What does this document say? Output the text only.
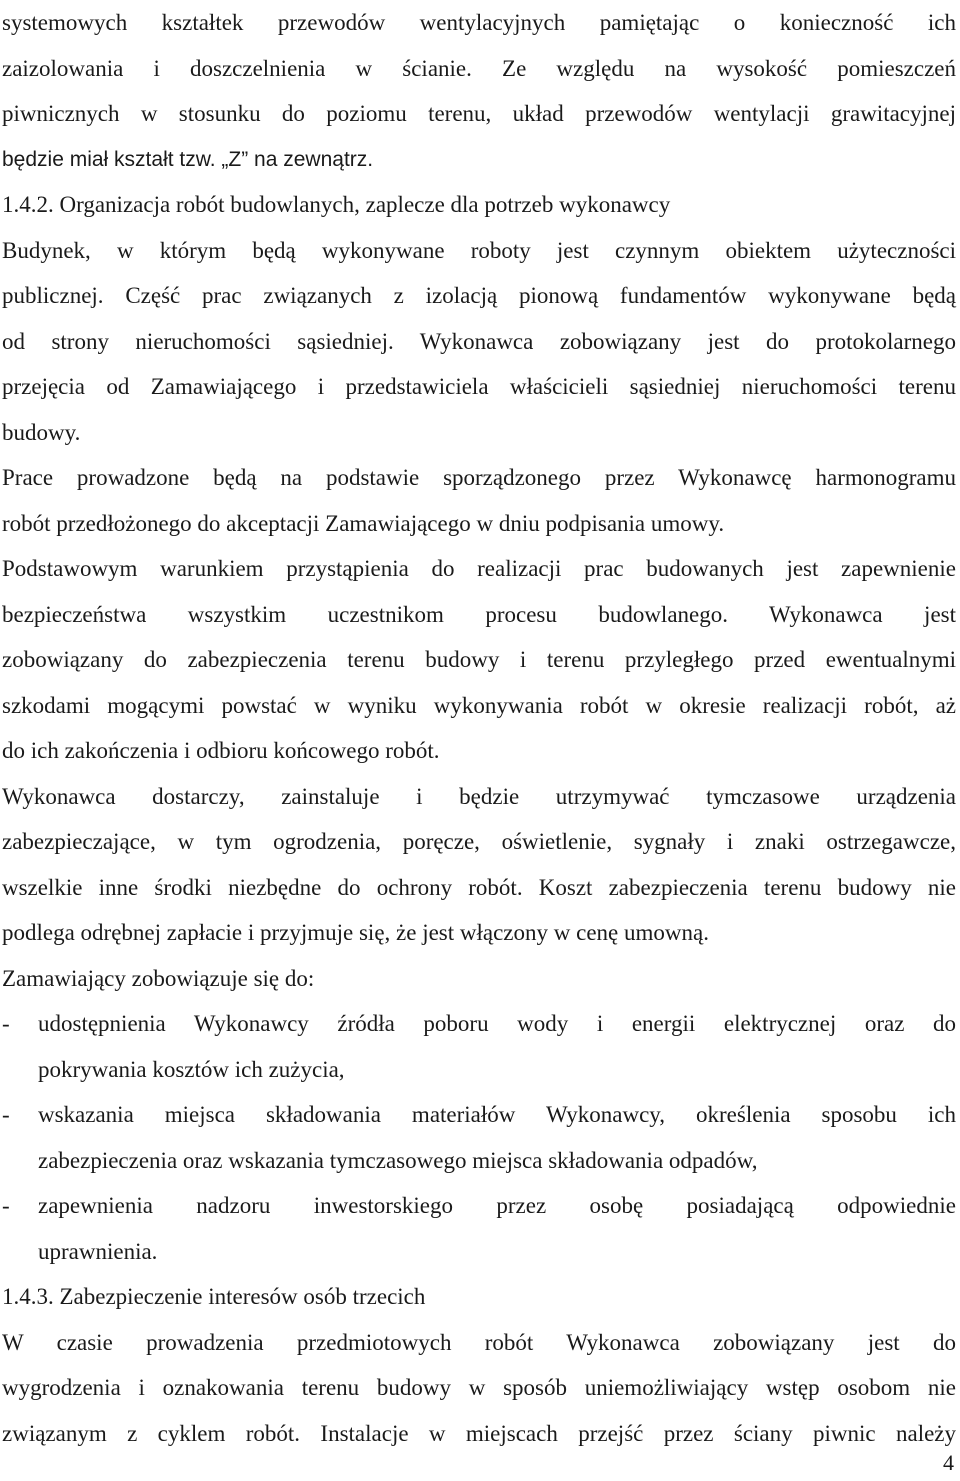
systemowych kształtek przewodów wentylacyjnych pamiętając o konieczność ich
zaizolowania i doszczelnienia w ścianie. Ze względu na wysokość pomieszczeń
piwnicznych w stosunku do poziomu terenu, układ przewodów wentylacji grawitacyjnej
będzie miał kształt tzw. „Z” na zewnątrz.
1.4.2. Organizacja robót budowlanych, zaplecze dla potrzeb wykonawcy
Budynek, w którym będą wykonywane roboty jest czynnym obiektem użyteczności
publicznej. Część prac związanych z izolacją pionową fundamentów wykonywane będą
od strony nieruchomości sąsiedniej. Wykonawca zobowiązany jest do protokolarnego
przejęcia od Zamawiającego i przedstawiciela właścicieli sąsiedniej nieruchomości terenu
budowy.
Prace prowadzone będą na podstawie sporządzonego przez Wykonawcę harmonogramu
robót przedłożonego do akceptacji Zamawiającego w dniu podpisania umowy.
Podstawowym warunkiem przystąpienia do realizacji prac budowanych jest zapewnienie
bezpieczeństwa wszystkim uczestnikom procesu budowlanego. Wykonawca jest
zobowiązany do zabezpieczenia terenu budowy i terenu przyległego przed ewentualnymi
szkodami mogącymi powstać w wyniku wykonywania robót w okresie realizacji robót, aż
do ich zakończenia i odbioru końcowego robót.
Wykonawca dostarczy, zainstaluje i będzie utrzymywać tymczasowe urządzenia
zabezpieczające, w tym ogrodzenia, poręcze, oświetlenie, sygnały i znaki ostrzegawcze,
wszelkie inne środki niezbędne do ochrony robót. Koszt zabezpieczenia terenu budowy nie
podlega odrębnej zapłacie i przyjmuje się, że jest włączony w cenę umowną.
Zamawiający zobowiązuje się do:
- udostępnienia Wykonawcy źródła poboru wody i energii elektrycznej oraz do
pokrywania kosztów ich zużycia,
- wskazania miejsca składowania materiałów Wykonawcy, określenia sposobu ich
zabezpieczenia oraz wskazania tymczasowego miejsca składowania odpadów,
- zapewnienia nadzoru inwestorskiego przez osobę posiadającą odpowiednie
uprawnienia.
1.4.3. Zabezpieczenie interesów osób trzecich
W czasie prowadzenia przedmiotowych robót Wykonawca zobowiązany jest do
wygrodzenia i oznakowania terenu budowy w sposób uniemożliwiający wstęp osobom nie
związanym z cyklem robót. Instalacje w miejscach przejść przez ściany piwnic należy
4
